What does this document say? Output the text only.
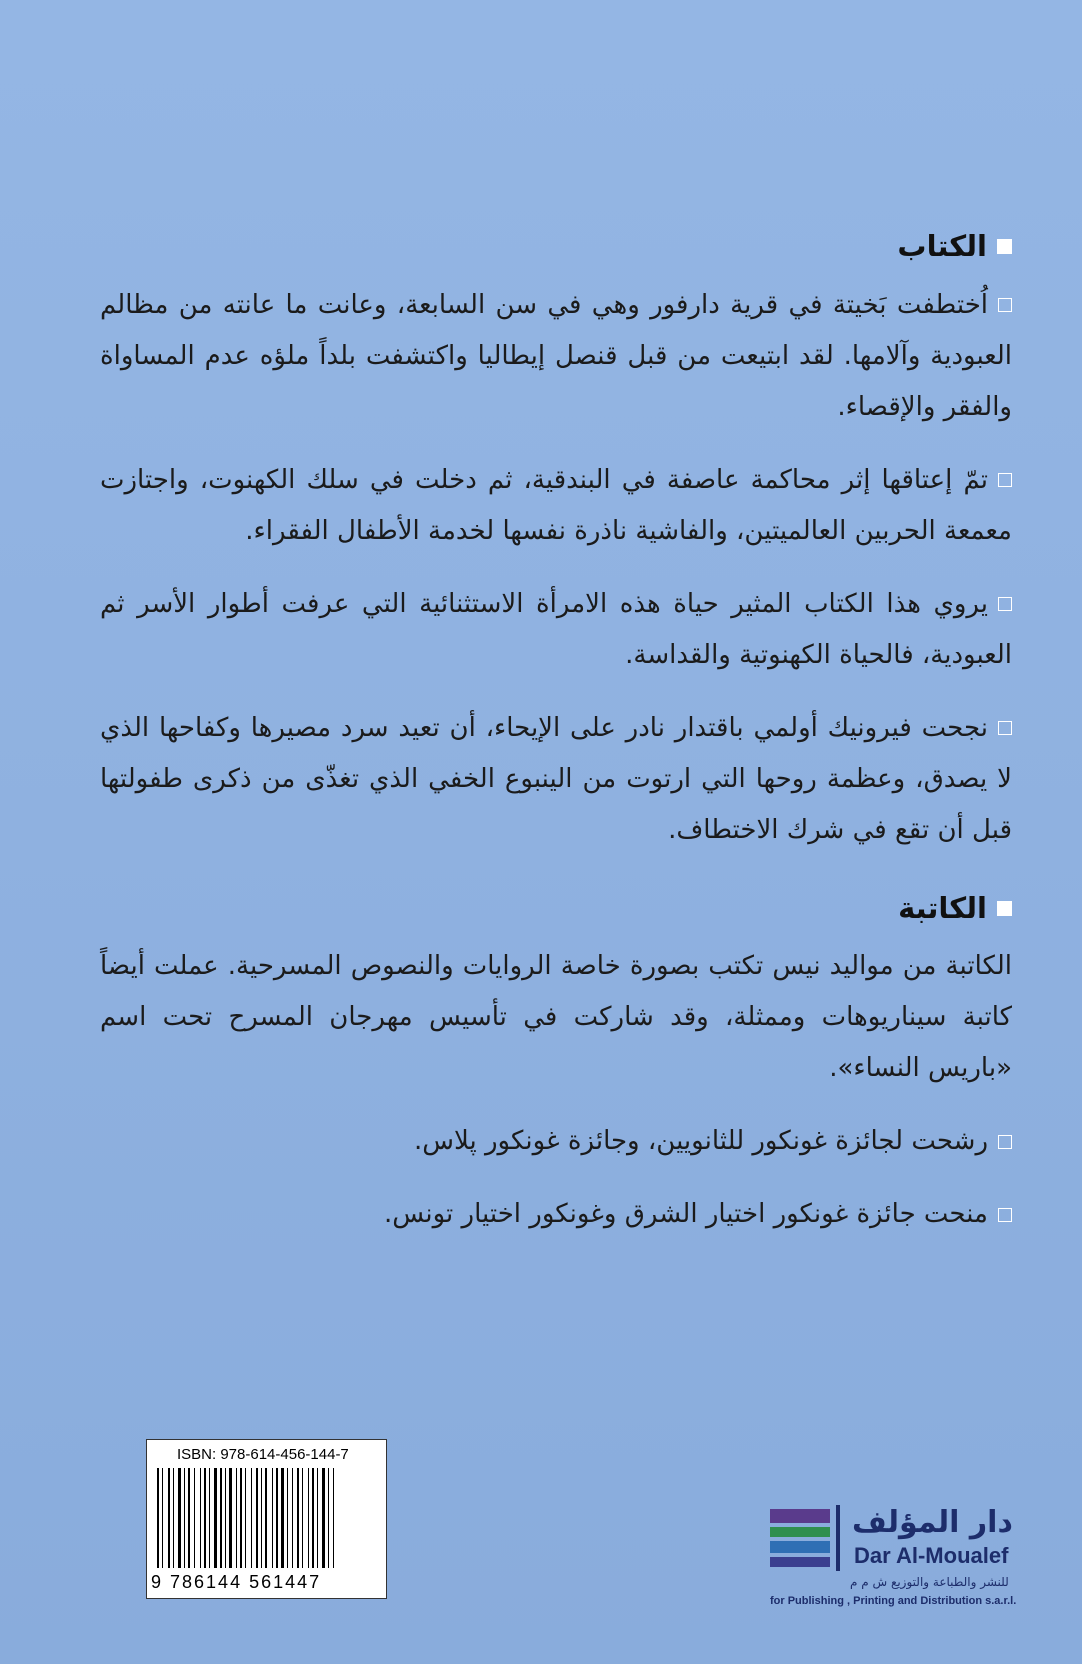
الكتاب

اُختطفت بَخيتة في قرية دارفور وهي في سن السابعة، وعانت ما عانته من مظالم العبودية وآلامها. لقد ابتيعت من قبل قنصل إيطاليا واكتشفت بلداً ملؤه عدم المساواة والفقر والإقصاء.

تمّ إعتاقها إثر محاكمة عاصفة في البندقية، ثم دخلت في سلك الكهنوت، واجتازت معمعة الحربين العالميتين، والفاشية ناذرة نفسها لخدمة الأطفال الفقراء.

يروي هذا الكتاب المثير حياة هذه الامرأة الاستثنائية التي عرفت أطوار الأسر ثم العبودية، فالحياة الكهنوتية والقداسة.

نجحت فيرونيك أولمي باقتدار نادر على الإيحاء، أن تعيد سرد مصيرها وكفاحها الذي لا يصدق، وعظمة روحها التي ارتوت من الينبوع الخفي الذي تغذّى من ذكرى طفولتها قبل أن تقع في شرك الاختطاف.

الكاتبة

الكاتبة من مواليد نيس تكتب بصورة خاصة الروايات والنصوص المسرحية. عملت أيضاً كاتبة سيناريوهات وممثلة، وقد شاركت في تأسيس مهرجان المسرح تحت اسم «باريس النساء».

رشحت لجائزة غونكور للثانويين، وجائزة غونكور پلاس.

منحت جائزة غونكور اختيار الشرق وغونكور اختيار تونس.

ISBN: 978-614-456-144-7
9 786144 561447
دار المؤلف
Dar Al-Moualef
للنشر والطباعة والتوزيع ش م م
for Publishing , Printing and Distribution s.a.r.l.
